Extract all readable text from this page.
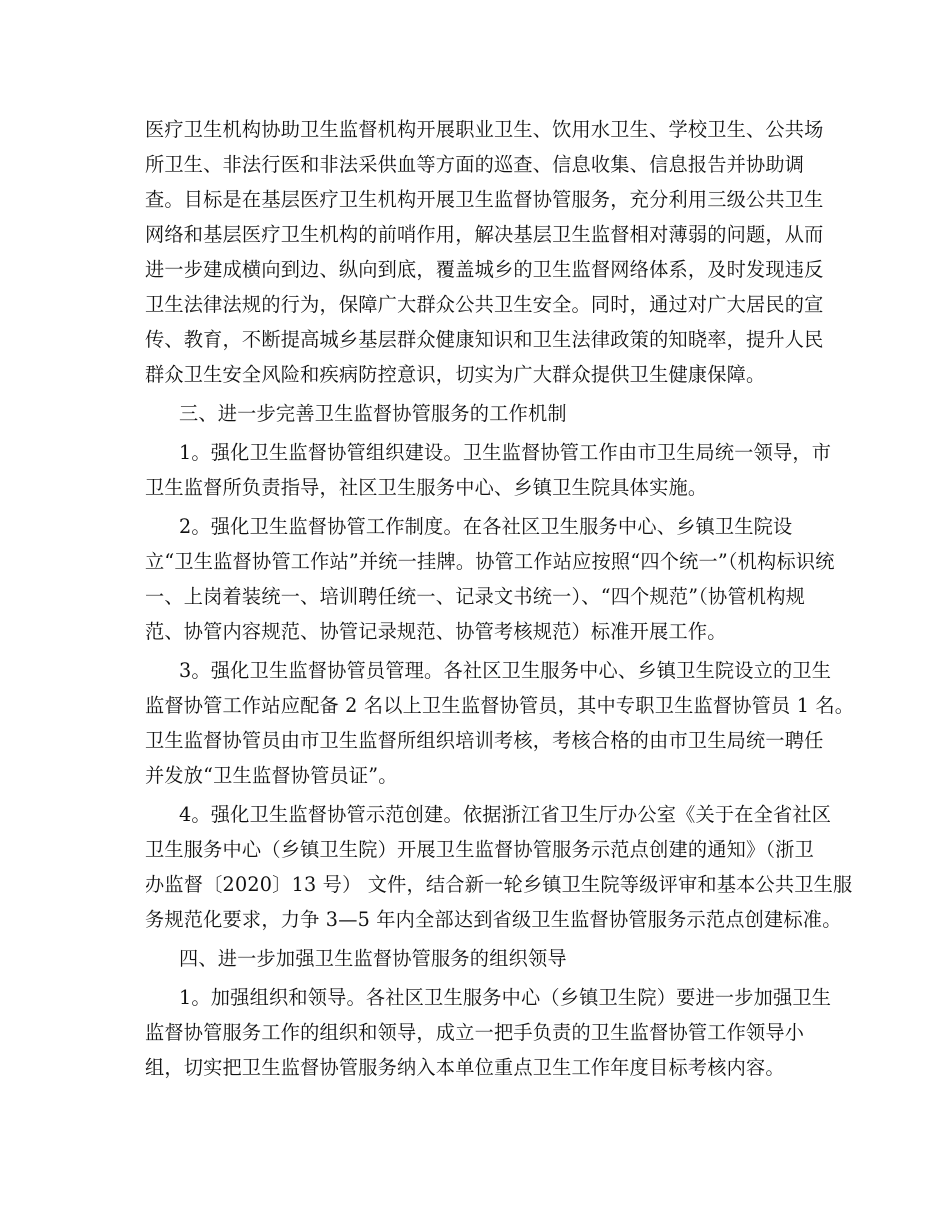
医疗卫生机构协助卫生监督机构开展职业卫生、饮用水卫生、学校卫生、公共场
所卫生、非法行医和非法采供血等方面的巡查、信息收集、信息报告并协助调
查。目标是在基层医疗卫生机构开展卫生监督协管服务，充分利用三级公共卫生
网络和基层医疗卫生机构的前哨作用，解决基层卫生监督相对薄弱的问题，从而
进一步建成横向到边、纵向到底，覆盖城乡的卫生监督网络体系，及时发现违反
卫生法律法规的行为，保障广大群众公共卫生安全。同时，通过对广大居民的宣
传、教育，不断提高城乡基层群众健康知识和卫生法律政策的知晓率，提升人民
群众卫生安全风险和疾病防控意识，切实为广大群众提供卫生健康保障。
三、进一步完善卫生监督协管服务的工作机制
1。强化卫生监督协管组织建设。卫生监督协管工作由市卫生局统一领导，市
卫生监督所负责指导，社区卫生服务中心、乡镇卫生院具体实施。
2。强化卫生监督协管工作制度。在各社区卫生服务中心、乡镇卫生院设
立“卫生监督协管工作站”并统一挂牌。协管工作站应按照“四个统一”（机构标识统
一、上岗着装统一、培训聘任统一、记录文书统一）、“四个规范”（协管机构规
范、协管内容规范、协管记录规范、协管考核规范）标准开展工作。
3。强化卫生监督协管员管理。各社区卫生服务中心、乡镇卫生院设立的卫生
监督协管工作站应配备 2 名以上卫生监督协管员，其中专职卫生监督协管员 1 名。
卫生监督协管员由市卫生监督所组织培训考核，考核合格的由市卫生局统一聘任
并发放“卫生监督协管员证”。
4。强化卫生监督协管示范创建。依据浙江省卫生厅办公室《关于在全省社区
卫生服务中心（乡镇卫生院）开展卫生监督协管服务示范点创建的通知》（浙卫
办监督〔2020〕13 号） 文件，结合新一轮乡镇卫生院等级评审和基本公共卫生服
务规范化要求，力争 3—5 年内全部达到省级卫生监督协管服务示范点创建标准。
四、进一步加强卫生监督协管服务的组织领导
1。加强组织和领导。各社区卫生服务中心（乡镇卫生院）要进一步加强卫生
监督协管服务工作的组织和领导，成立一把手负责的卫生监督协管工作领导小
组，切实把卫生监督协管服务纳入本单位重点卫生工作年度目标考核内容。
